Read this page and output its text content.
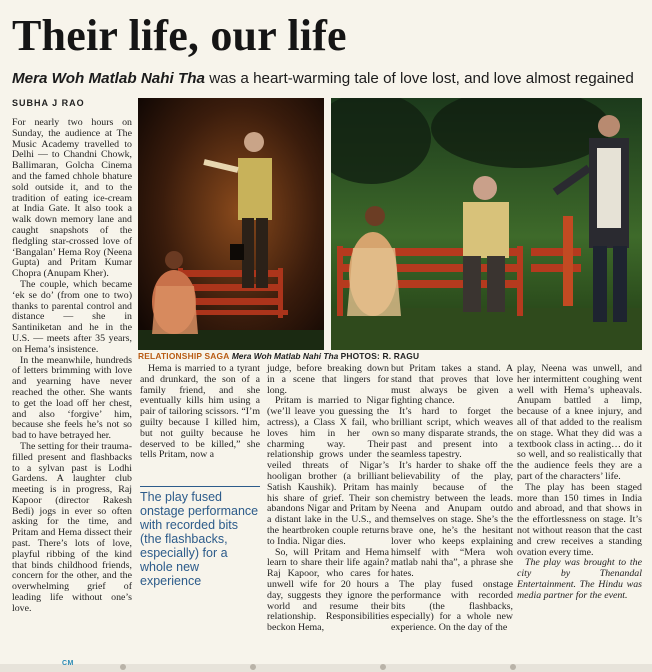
Their life, our life
Mera Woh Matlab Nahi Tha was a heart-warming tale of love lost, and love almost regained
SUBHA J RAO
RELATIONSHIP SAGA Mera Woh Matlab Nahi Tha PHOTOS: R. RAGU

For nearly two hours on Sunday, the audience at The Music Academy travelled to Delhi — to Chandni Chowk, Ballimaran, Golcha Cinema and the famed chhole bhature sold outside it, and to the tradition of eating ice-cream at India Gate. It also took a walk down memory lane and caught snapshots of the fledgling star-crossed love of ‘Bangalan’ Hema Roy (Neena Gupta) and Pritam Kumar Chopra (Anupam Kher).

The couple, which became ‘ek se do’ (from one to two) thanks to parental control and distance — she in Santiniketan and he in the U.S. — meets after 35 years, on Hema’s insistence.

In the meanwhile, hundreds of letters brimming with love and yearning have never reached the other. She wants to get the load off her chest, and also ‘forgive’ him, because she feels he’s not so bad to have betrayed her.

The setting for their trauma-filled present and flashbacks to a sylvan past is Lodhi Gardens. A laughter club meeting is in progress, Raj Kapoor (director Rakesh Bedi) jogs in ever so often asking for the time, and Pritam and Hema dissect their past. There’s lots of love, playful ribbing of the kind that binds childhood friends, concern for the other, and the overwhelming grief of leading life without one’s love.

Hema is married to a tyrant and drunkard, the son of a family friend, and she eventually kills him using a pair of tailoring scissors. “I’m guilty because I killed him, but not guilty because he deserved to be killed,” she tells Pritam, now a

The play fused onstage performance with recorded bits (the flashbacks, especially) for a whole new experience

judge, before breaking down in a scene that lingers for long.

Pritam is married to Nigar (we’ll leave you guessing the actress), a Class X fail, who loves him in her own charming way. Their relationship grows under the veiled threats of Nigar’s hooligan brother (a brilliant Satish Kaushik). Pritam has his share of grief. Their son abandons Nigar and Pritam by a distant lake in the U.S., and the heartbroken couple returns to India. Nigar dies.

So, will Pritam and Hema learn to share their life again? Raj Kapoor, who cares for unwell wife for 20 hours a day, suggests they ignore the world and resume their relationship. Responsibilities beckon Hema,

but Pritam takes a stand. A stand that proves that love must always be given a fighting chance.

It’s hard to forget the brilliant script, which weaves so many disparate strands, the past and present into a seamless tapestry.

It’s harder to shake off the believability of the play, mainly because of the chemistry between the leads. Neena and Anupam outdo themselves on stage. She’s the brave one, he’s the hesitant lover who keeps explaining himself with “Mera woh matlab nahi tha”, a phrase she hates.

The play fused onstage performance with recorded bits (the flashbacks, especially) for a whole new experience. On the day of the

play, Neena was unwell, and her intermittent coughing went well with Hema’s upheavals. Anupam battled a limp, because of a knee injury, and all of that added to the realism on stage. What they did was a textbook class in acting… do it so well, and so realistically that the audience feels they are a part of the characters’ life.

The play has been staged more than 150 times in India and abroad, and that shows in the effortlessness on stage. It’s not without reason that the cast and crew receives a standing ovation every time.

The play was brought to the city by Thenandal Entertainment. The Hindu was media partner for the event.

CM
